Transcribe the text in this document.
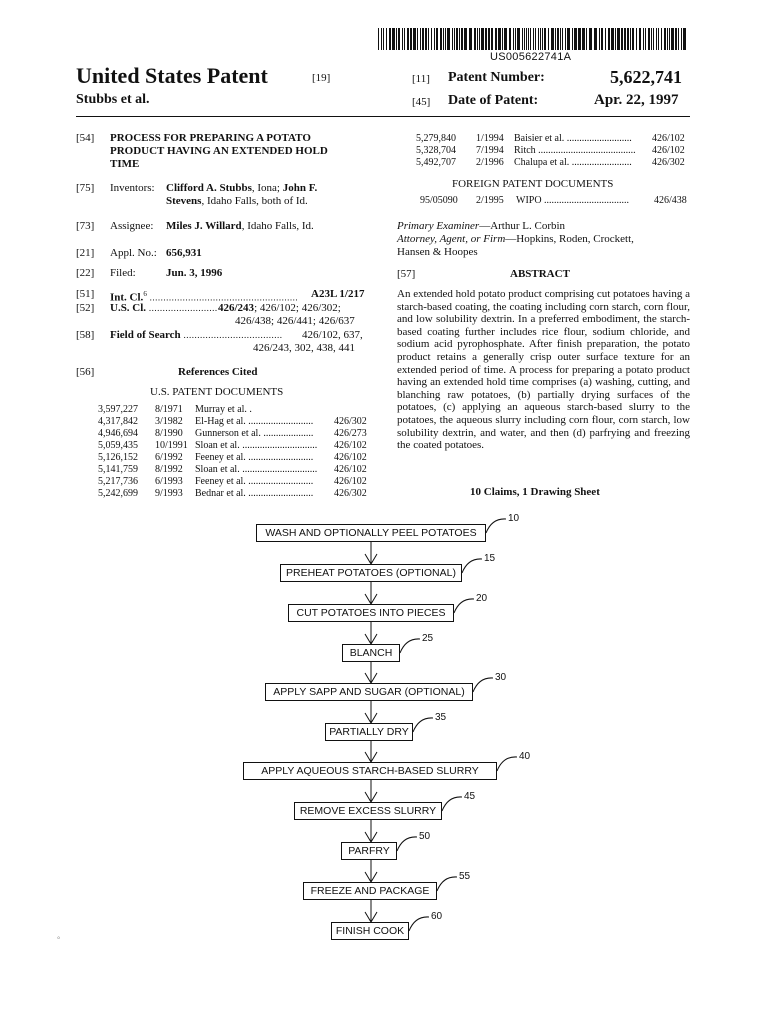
US005622741A
United States Patent	[19]
Stubbs et al.
[11] Patent Number:	5,622,741
[45] Date of Patent:	Apr. 22, 1997
[54] PROCESS FOR PREPARING A POTATO
PRODUCT HAVING AN EXTENDED HOLD
TIME
[75] Inventors: Clifford A. Stubbs, Iona; John F.
Stevens, Idaho Falls, both of Id.
[73] Assignee: Miles J. Willard, Idaho Falls, Id.
[21] Appl. No.: 656,931
[22] Filed:	Jun. 3, 1996
[51] Int. Cl.$^6$ ......................................................	A23L 1/217
[52] U.S. Cl. ......................... 426/243; 426/102; 426/302;
426/438; 426/441; 426/637
[58] Field of Search ....................................	426/102, 637,
426/243, 302, 438, 441
[56]	References Cited
U.S. PATENT DOCUMENTS
3,597,227 8/1971 Murray et al. .
4,317,842 3/1982 El-Hag et al. ..........................	426/302
4,946,694 8/1990 Gunnerson et al. ....................	426/273
5,059,435 10/1991 Sloan et al. ..............................	426/102
5,126,152 6/1992 Feeney et al. ..........................	426/102
5,141,759 8/1992 Sloan et al. ..............................	426/102
5,217,736 6/1993 Feeney et al. ..........................	426/102
5,242,699 9/1993 Bednar et al. ..........................	426/302
5,279,840 1/1994 Baisier et al. ..........................	426/102
5,328,704 7/1994 Ritch .......................................	426/102
5,492,707 2/1996 Chalupa et al. ........................	426/302
FOREIGN PATENT DOCUMENTS
95/05090 2/1995 WIPO ..................................	426/438
Primary Examiner—Arthur L. Corbin
Attorney, Agent, or Firm—Hopkins, Roden, Crockett,
Hansen & Hoopes
[57]	ABSTRACT
An extended hold potato product comprising cut potatoes having a starch-based coating, the coating including corn starch, corn flour, and low solubility dextrin. In a preferred embodiment, the starch-based coating further includes rice flour, sodium chloride, and sodium acid pyrophosphate. After finish preparation, the potato product retains a generally crisp outer surface texture for an extended period of time. A process for preparing a potato product having an extended hold time comprises (a) washing, cutting, and blanching raw potatoes, (b) partially drying surfaces of the potatoes, (c) applying an aqueous starch-based slurry to the potatoes, the aqueous slurry including corn flour, corn starch, low solubility dextrin, and water, and then (d) parfrying and freezing the coated potatoes.
10 Claims, 1 Drawing Sheet
WASH AND OPTIONALLY PEEL POTATOES
10
PREHEAT POTATOES (OPTIONAL)
15
CUT POTATOES INTO PIECES
20
BLANCH
25
APPLY SAPP AND SUGAR (OPTIONAL)
30
PARTIALLY DRY
35
APPLY AQUEOUS STARCH-BASED SLURRY
40
REMOVE EXCESS SLURRY
45
PARFRY
50
FREEZE AND PACKAGE
55
FINISH COOK
60
°
